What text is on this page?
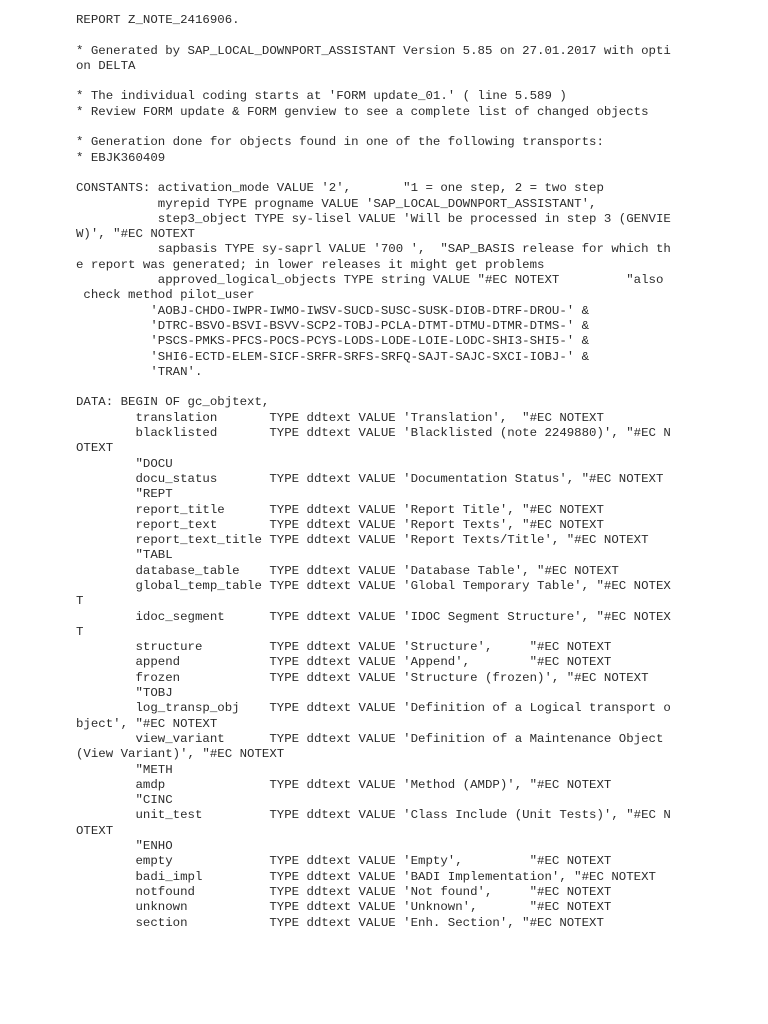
REPORT Z_NOTE_2416906.
* Generated by SAP_LOCAL_DOWNPORT_ASSISTANT Version 5.85 on 27.01.2017 with opti
on DELTA
* The individual coding starts at 'FORM update_01.' ( line 5.589 )
* Review FORM update & FORM genview to see a complete list of changed objects
* Generation done for objects found in one of the following transports:
* EBJK360409
CONSTANTS: activation_mode VALUE '2',       "1 = one step, 2 = two step
myrepid TYPE progname VALUE 'SAP_LOCAL_DOWNPORT_ASSISTANT',
step3_object TYPE sy-lisel VALUE 'Will be processed in step 3 (GENVIE
W)', "#EC NOTEXT
sapbasis TYPE sy-saprl VALUE '700 ',  "SAP_BASIS release for which th
e report was generated; in lower releases it might get problems
approved_logical_objects TYPE string VALUE "#EC NOTEXT         "also
check method pilot_user
'AOBJ-CHDO-IWPR-IWMO-IWSV-SUCD-SUSC-SUSK-DIOB-DTRF-DROU-' &
'DTRC-BSVO-BSVI-BSVV-SCP2-TOBJ-PCLA-DTMT-DTMU-DTMR-DTMS-' &
'PSCS-PMKS-PFCS-POCS-PCYS-LODS-LODE-LOIE-LODC-SHI3-SHI5-' &
'SHI6-ECTD-ELEM-SICF-SRFR-SRFS-SRFQ-SAJT-SAJC-SXCI-IOBJ-' &
'TRAN'.
DATA: BEGIN OF gc_objtext,
translation       TYPE ddtext VALUE 'Translation',  "#EC NOTEXT
blacklisted       TYPE ddtext VALUE 'Blacklisted (note 2249880)', "#EC N
OTEXT
"DOCU
docu_status       TYPE ddtext VALUE 'Documentation Status', "#EC NOTEXT
"REPT
report_title      TYPE ddtext VALUE 'Report Title', "#EC NOTEXT
report_text       TYPE ddtext VALUE 'Report Texts', "#EC NOTEXT
report_text_title TYPE ddtext VALUE 'Report Texts/Title', "#EC NOTEXT
"TABL
database_table    TYPE ddtext VALUE 'Database Table', "#EC NOTEXT
global_temp_table TYPE ddtext VALUE 'Global Temporary Table', "#EC NOTEX
T
idoc_segment      TYPE ddtext VALUE 'IDOC Segment Structure', "#EC NOTEX
T
structure         TYPE ddtext VALUE 'Structure',     "#EC NOTEXT
append            TYPE ddtext VALUE 'Append',        "#EC NOTEXT
frozen            TYPE ddtext VALUE 'Structure (frozen)', "#EC NOTEXT
"TOBJ
log_transp_obj    TYPE ddtext VALUE 'Definition of a Logical transport o
bject', "#EC NOTEXT
view_variant      TYPE ddtext VALUE 'Definition of a Maintenance Object
(View Variant)', "#EC NOTEXT
"METH
amdp              TYPE ddtext VALUE 'Method (AMDP)', "#EC NOTEXT
"CINC
unit_test         TYPE ddtext VALUE 'Class Include (Unit Tests)', "#EC N
OTEXT
"ENHO
empty             TYPE ddtext VALUE 'Empty',         "#EC NOTEXT
badi_impl         TYPE ddtext VALUE 'BADI Implementation', "#EC NOTEXT
notfound          TYPE ddtext VALUE 'Not found',     "#EC NOTEXT
unknown           TYPE ddtext VALUE 'Unknown',       "#EC NOTEXT
section           TYPE ddtext VALUE 'Enh. Section', "#EC NOTEXT
